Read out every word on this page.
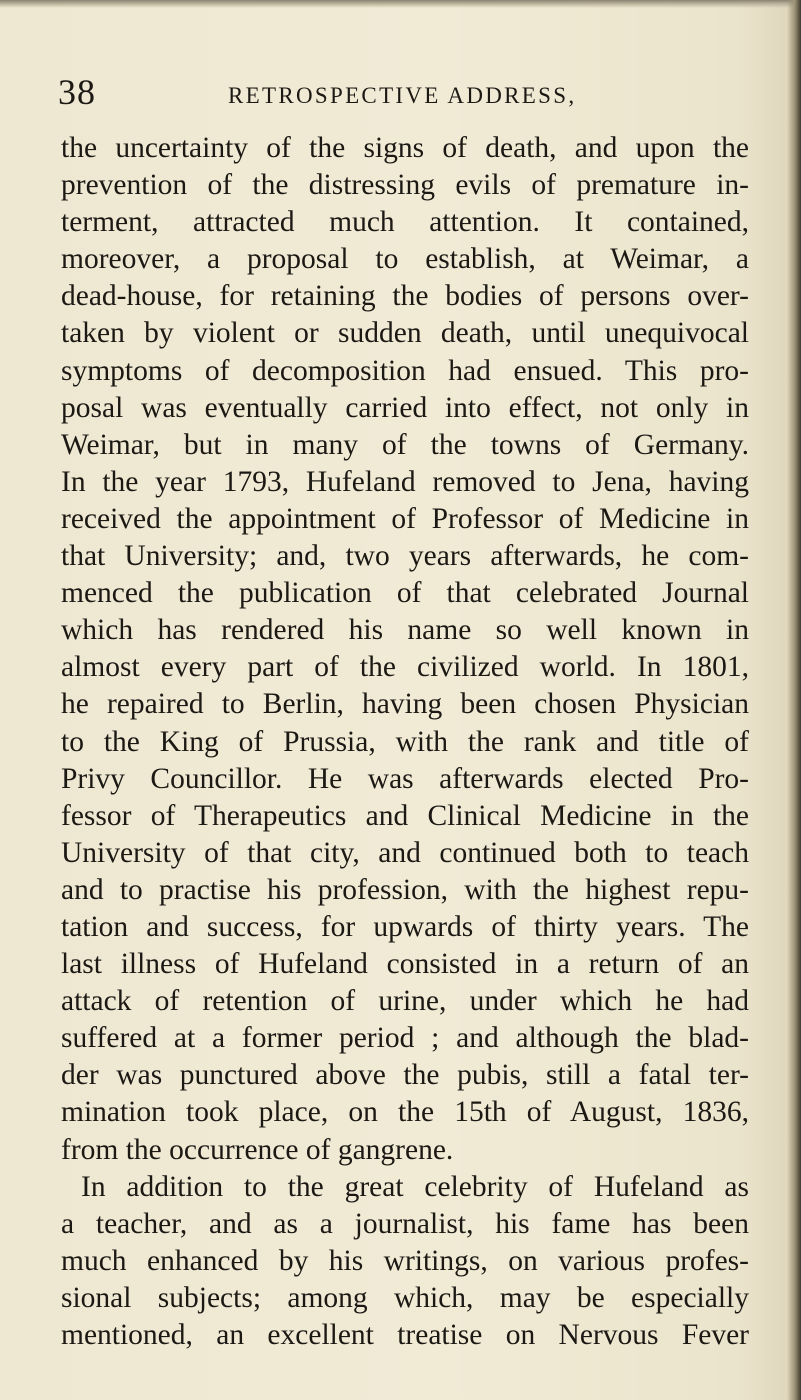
38	RETROSPECTIVE ADDRESS,
the uncertainty of the signs of death, and upon the
prevention of the distressing evils of premature in-
terment, attracted much attention. It contained,
moreover, a proposal to establish, at Weimar, a
dead-house, for retaining the bodies of persons over-
taken by violent or sudden death, until unequivocal
symptoms of decomposition had ensued. This pro-
posal was eventually carried into effect, not only in
Weimar, but in many of the towns of Germany.
In the year 1793, Hufeland removed to Jena, having
received the appointment of Professor of Medicine in
that University; and, two years afterwards, he com-
menced the publication of that celebrated Journal
which has rendered his name so well known in
almost every part of the civilized world. In 1801,
he repaired to Berlin, having been chosen Physician
to the King of Prussia, with the rank and title of
Privy Councillor. He was afterwards elected Pro-
fessor of Therapeutics and Clinical Medicine in the
University of that city, and continued both to teach
and to practise his profession, with the highest repu-
tation and success, for upwards of thirty years. The
last illness of Hufeland consisted in a return of an
attack of retention of urine, under which he had
suffered at a former period ; and although the blad-
der was punctured above the pubis, still a fatal ter-
mination took place, on the 15th of August, 1836,
from the occurrence of gangrene.
In addition to the great celebrity of Hufeland as
a teacher, and as a journalist, his fame has been
much enhanced by his writings, on various profes-
sional subjects; among which, may be especially
mentioned, an excellent treatise on Nervous Fever
